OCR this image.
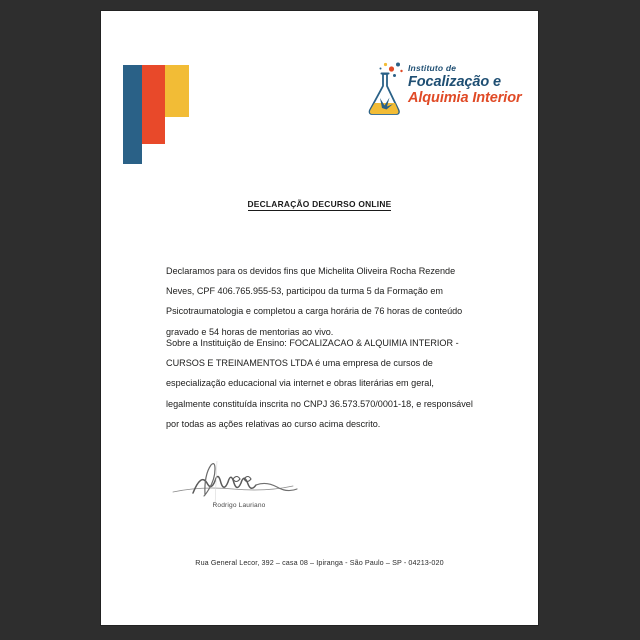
Instituto de
Focalização e
Alquimia Interior
DECLARAÇÃO DECURSO ONLINE

Declaramos para os devidos fins que Michelita Oliveira Rocha Rezende Neves, CPF 406.765.955-53, participou da turma 5 da Formação em Psicotraumatologia e completou a carga horária de 76 horas de conteúdo gravado e 54 horas de mentorias ao vivo.

Sobre a Instituição de Ensino: FOCALIZACAO & ALQUIMIA INTERIOR - CURSOS E TREINAMENTOS LTDA é uma empresa de cursos de especialização educacional via internet e obras literárias em geral, legalmente constituída inscrita no CNPJ 36.573.570/0001-18, e responsável por todas as ações relativas ao curso acima descrito.

Rodrigo Lauriano
Rua General Lecor, 392 – casa 08 – Ipiranga - São Paulo – SP - 04213-020
